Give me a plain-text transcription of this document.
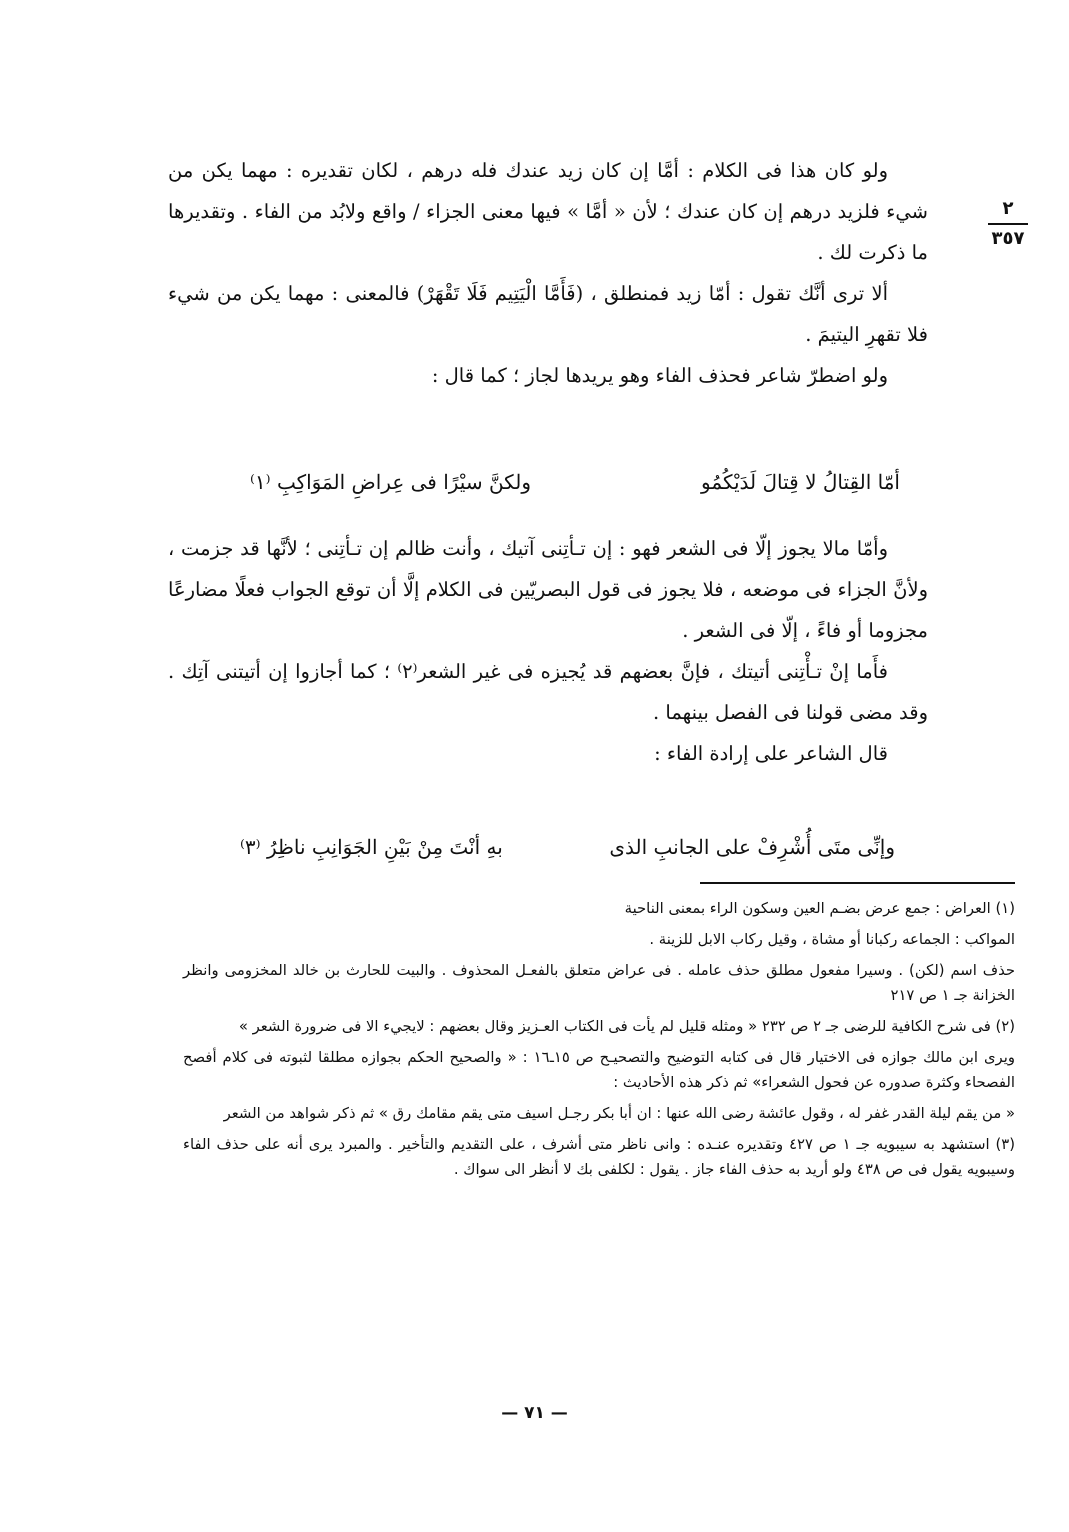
٢
٣٥٧

ولو كان هذا فى الكلام : أمَّا إن كان زيد عندك فله درهم ، لكان تقديره : مهما يكن من شيء فلزيد درهم إن كان عندك ؛ لأن « أمَّا » فيها معنى الجزاء / واقع ولابُد من الفاء . وتقديرها ما ذكرت لك .

ألا ترى أنَّك تقول : أمّا زيد فمنطلق ، (فَأَمَّا الْيَتِيم فَلَا تَقْهَرْ) فالمعنى : مهما يكن من شيء فلا تقهرِ اليتيمَ .

ولو اضطرّ شاعر فحذف الفاء وهو يريدها لجاز ؛ كما قال :

أمّا القِتالُ لا قِتالَ لَدَيْكُمُو
ولكنَّ سيْرًا فى عِراضِ المَوَاكِبِ ⁽١⁾

وأمّا مالا يجوز إلّا فى الشعر فهو : إن تـأتِنى آتيك ، وأنت ظالم إن تـأتِنى ؛ لأنَّها قد جزمت ، ولأنَّ الجزاء فى موضعه ، فلا يجوز فى قول البصريّين فى الكلام إلَّا أن توقع الجواب فعلًا مضارعًا مجزوما أو فاءً ، إلّا فى الشعر .

فأَما إنْ تـأْتِنى أتيتك ، فإنَّ بعضهم قد يُجيزه فى غير الشعر⁽٢⁾ ؛ كما أجازوا إن أتيتنى آتِك . وقد مضى قولنا فى الفصل بينهما .

قال الشاعر على إرادة الفاء :

وإنِّى متَى أُشْرِفْ على الجانبِ الذى
بهِ أنْتَ مِنْ بَيْنِ الجَوَانِبِ ناظِرُ ⁽٣⁾

(١) العراض : جمع عرض بضـم العين وسكون الراء بمعنى الناحية

المواكب : الجماعه ركبانا أو مشاة ، وقيل ركاب الابل للزينة .

حذف اسم (لكن) . وسيرا مفعول مطلق حذف عامله . فى عراض متعلق بالفعـل المحذوف . والبيت للحارث بن خالد المخزومى وانظر الخزانة جـ ١ ص ٢١٧

(٢) فى شرح الكافية للرضى جـ ٢ ص ٢٣٢ « ومثله قليل لم يأت فى الكتاب العـزيز وقال بعضهم : لايجيء الا فى ضرورة الشعر »

ويرى ابن مالك جوازه فى الاختيار قال فى كتابه التوضيح والتصحيـح ص ١٥ـ١٦ : « والصحيح الحكم بجوازه مطلقا لثبوته فى كلام أفصح الفصحاء وكثرة صدوره عن فحول الشعراء» ثم ذكر هذه الأحاديث :

« من يقم ليلة القدر غفر له ، وقول عائشة رضى الله عنها : ان أبا بكر رجـل اسيف متى يقم مقامك رق » ثم ذكر شواهد من الشعر

(٣) استشهد به سيبويه جـ ١ ص ٤٢٧ وتقديره عنـده : وانى ناظر متى أشرف ، على التقديم والتأخير . والمبرد يرى أنه على حذف الفاء وسيبويه يقول فى ص ٤٣٨ ولو أريد به حذف الفاء جاز . يقول : لكلفى بك لا أنظر الى سواك .

— ٧١ —
